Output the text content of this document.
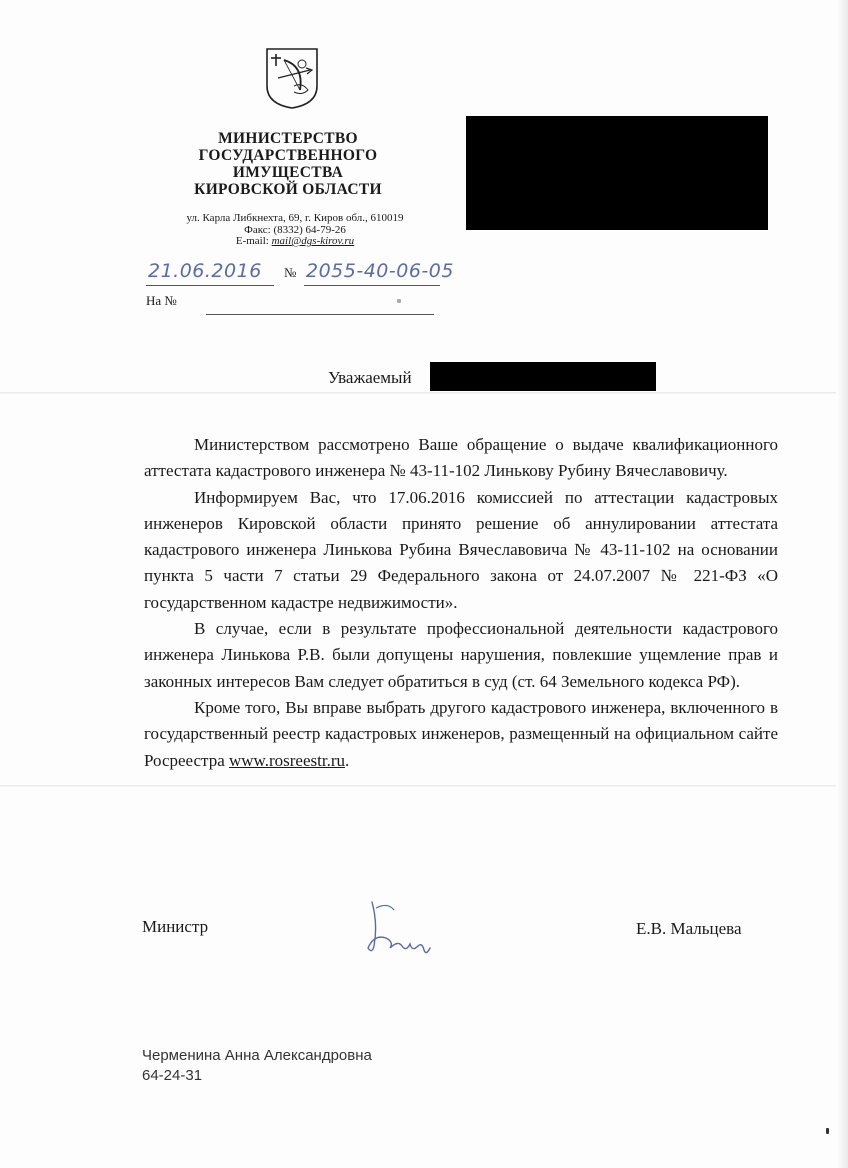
МИНИСТЕРСТВО
ГОСУДАРСТВЕННОГО
ИМУЩЕСТВА
КИРОВСКОЙ ОБЛАСТИ
ул. Карла Либкнехта, 69, г. Киров обл., 610019
Факс: (8332) 64-79-26
E-mail: mail@dgs-kirov.ru
21.06.2016 № 2055-40-06-05
На №
Уважаемый

Министерством рассмотрено Ваше обращение о выдаче квалификационного аттестата кадастрового инженера № 43-11-102 Линькову Рубину Вячеславовичу.

Информируем Вас, что 17.06.2016 комиссией по аттестации кадастровых инженеров Кировской области принято решение об аннулировании аттестата кадастрового инженера Линькова Рубина Вячеславовича № 43-11-102 на основании пункта 5 части 7 статьи 29 Федерального закона от 24.07.2007 № 221-ФЗ «О государственном кадастре недвижимости».

В случае, если в результате профессиональной деятельности кадастрового инженера Линькова Р.В. были допущены нарушения, повлекшие ущемление прав и законных интересов Вам следует обратиться в суд (ст. 64 Земельного кодекса РФ).

Кроме того, Вы вправе выбрать другого кадастрового инженера, включенного в государственный реестр кадастровых инженеров, размещенный на официальном сайте Росреестра www.rosreestr.ru.

Министр	Е.В. Мальцева
Черменина Анна Александровна
64-24-31
